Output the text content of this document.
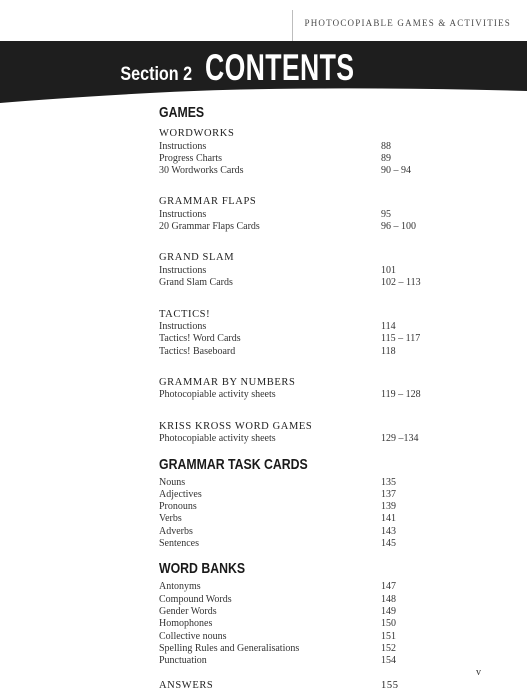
PHOTOCOPIABLE GAMES & ACTIVITIES
Section 2 CONTENTS
GAMES
WORDWORKS
Instructions	88
Progress Charts	89
30 Wordworks Cards	90 – 94
GRAMMAR FLAPS
Instructions	95
20 Grammar Flaps Cards	96 – 100
GRAND SLAM
Instructions	101
Grand Slam Cards	102 – 113
TACTICS!
Instructions	114
Tactics! Word Cards	115 – 117
Tactics! Baseboard	118
GRAMMAR BY NUMBERS
Photocopiable activity sheets	119 – 128
KRISS KROSS WORD GAMES
Photocopiable activity sheets	129 –134
GRAMMAR TASK CARDS
Nouns	135
Adjectives	137
Pronouns	139
Verbs	141
Adverbs	143
Sentences	145
WORD BANKS
Antonyms	147
Compound Words	148
Gender Words	149
Homophones	150
Collective nouns	151
Spelling Rules and Generalisations	152
Punctuation	154
ANSWERS	155
v
